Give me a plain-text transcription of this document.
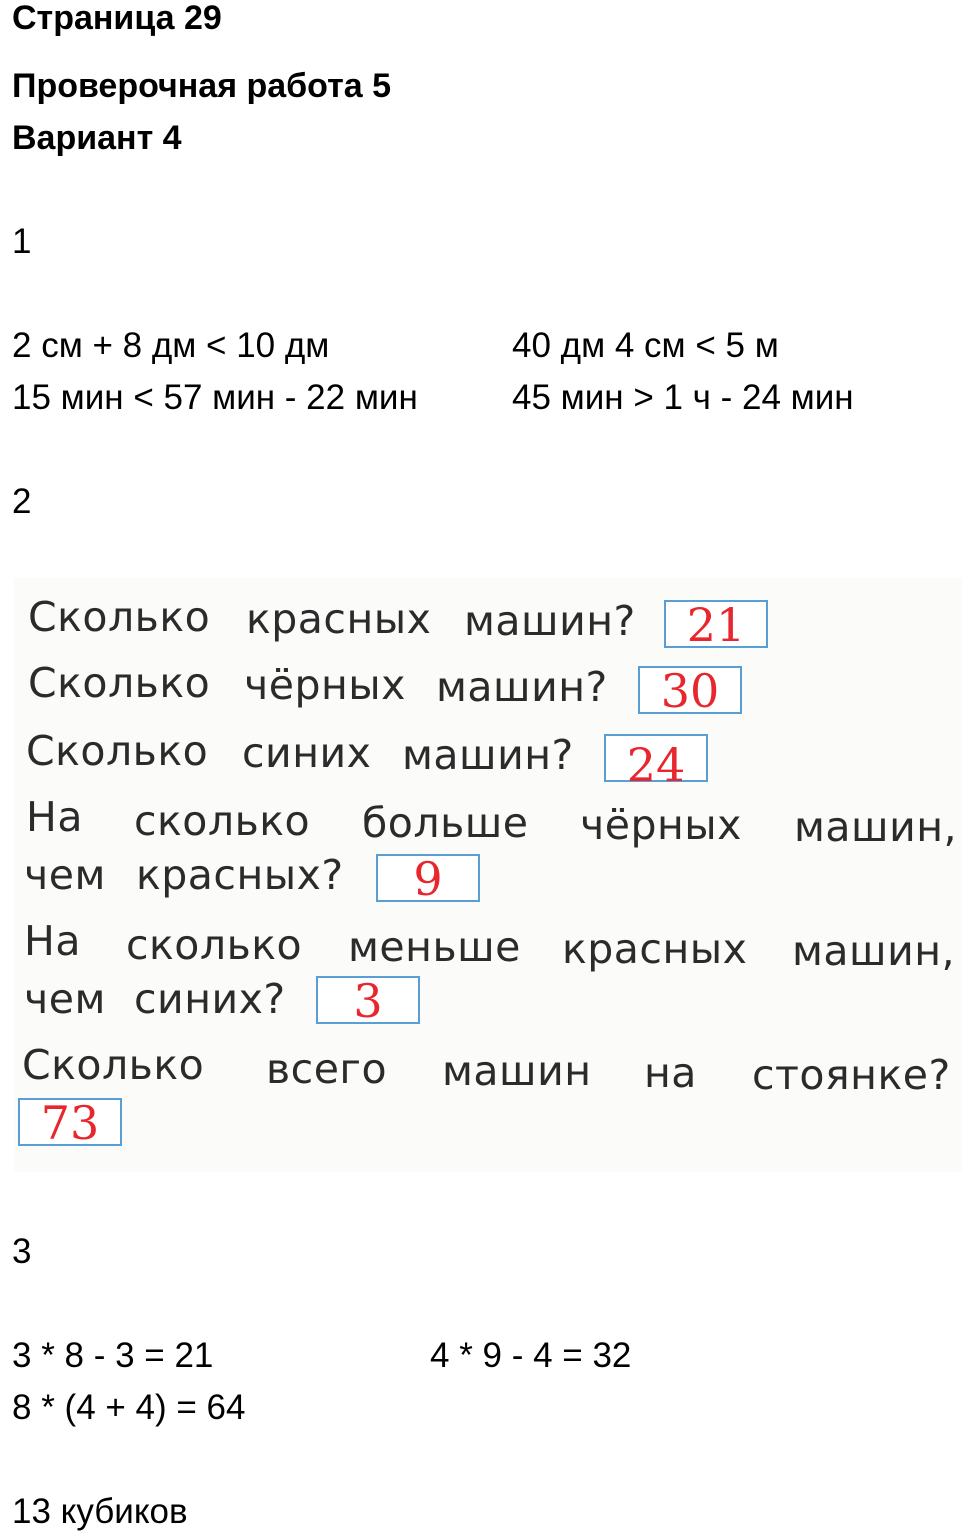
Страница 29
Проверочная работа 5
Вариант 4
1
2 см + 8 дм < 10 дм	40 дм 4 см < 5 м
15 мин < 57 мин - 22 мин	45 мин > 1 ч - 24 мин
2
Сколько красных машин?	21
Сколько чёрных машин?	30
Сколько синих машин?	24
На сколько больше чёрных машин,
чем красных?	9
На сколько меньше красных машин,
чем синих?	3
Сколько всего машин на стоянке?
73
3
3 * 8 - 3 = 21	4 * 9 - 4 = 32
8 * (4 + 4) = 64
13 кубиков
